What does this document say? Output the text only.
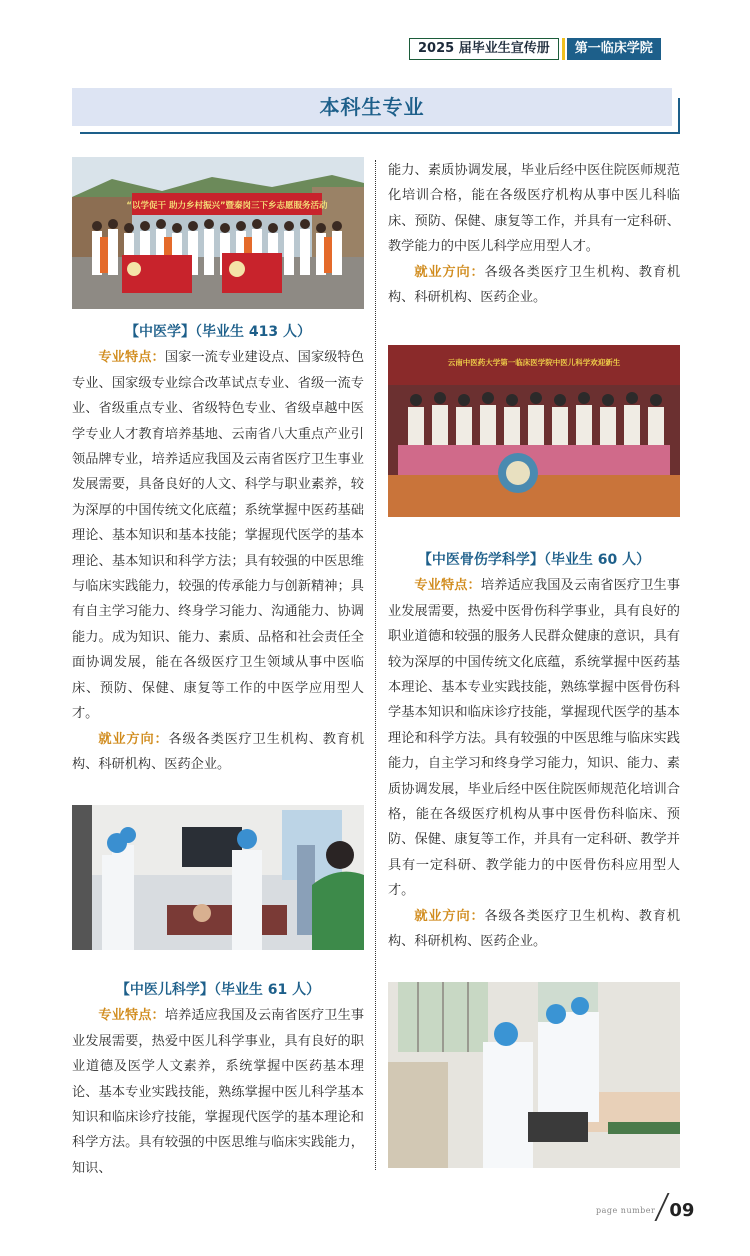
2025 届毕业生宣传册	第一临床学院
本科生专业
“以学促干 助力乡村振兴”暨秦岗三下乡志愿服务活动
【中医学】（毕业生 413 人）

专业特点：国家一流专业建设点、国家级特色专业、国家级专业综合改革试点专业、省级一流专业、省级重点专业、省级特色专业、省级卓越中医学专业人才教育培养基地、云南省八大重点产业引领品牌专业，培养适应我国及云南省医疗卫生事业发展需要，具备良好的人文、科学与职业素养，较为深厚的中国传统文化底蕴；系统掌握中医药基础理论、基本知识和基本技能；掌握现代医学的基本理论、基本知识和科学方法；具有较强的中医思维与临床实践能力，较强的传承能力与创新精神；具有自主学习能力、终身学习能力、沟通能力、协调能力。成为知识、能力、素质、品格和社会责任全面协调发展，能在各级医疗卫生领域从事中医临床、预防、保健、康复等工作的中医学应用型人才。

就业方向：各级各类医疗卫生机构、教育机构、科研机构、医药企业。

【中医儿科学】（毕业生 61 人）

专业特点：培养适应我国及云南省医疗卫生事业发展需要，热爱中医儿科学事业，具有良好的职业道德及医学人文素养，系统掌握中医药基本理论、基本专业实践技能，熟练掌握中医儿科学基本知识和临床诊疗技能，掌握现代医学的基本理论和科学方法。具有较强的中医思维与临床实践能力，知识、

能力、素质协调发展，毕业后经中医住院医师规范化培训合格，能在各级医疗机构从事中医儿科临床、预防、保健、康复等工作，并具有一定科研、教学能力的中医儿科学应用型人才。

就业方向：各级各类医疗卫生机构、教育机构、科研机构、医药企业。

云南中医药大学第一临床医学院中医儿科学欢迎新生
【中医骨伤学科学】（毕业生 60 人）

专业特点：培养适应我国及云南省医疗卫生事业发展需要，热爱中医骨伤科学事业，具有良好的职业道德和较强的服务人民群众健康的意识，具有较为深厚的中国传统文化底蕴，系统掌握中医药基本理论、基本专业实践技能，熟练掌握中医骨伤科学基本知识和临床诊疗技能，掌握现代医学的基本理论和科学方法。具有较强的中医思维与临床实践能力，自主学习和终身学习能力，知识、能力、素质协调发展，毕业后经中医住院医师规范化培训合格，能在各级医疗机构从事中医骨伤科临床、预防、保健、康复等工作，并具有一定科研、教学并具有一定科研、教学能力的中医骨伤科应用型人才。

就业方向：各级各类医疗卫生机构、教育机构、科研机构、医药企业。

page number 09
